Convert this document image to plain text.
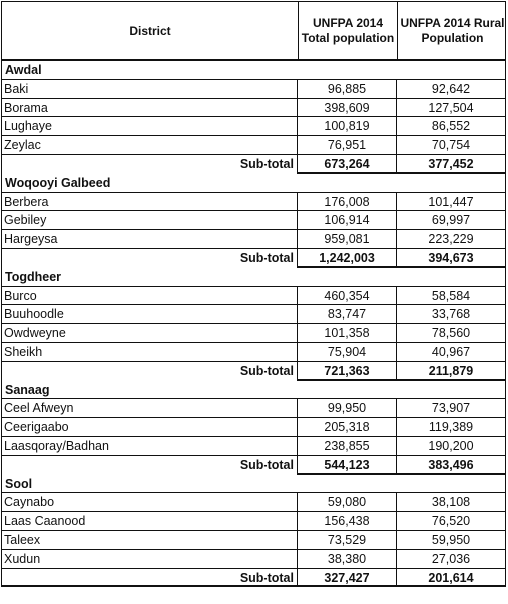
District
UNFPA 2014 Total population
UNFPA 2014 Rural Population
Awdal
Baki	96,885	92,642
Borama	398,609	127,504
Lughaye	100,819	86,552
Zeylac	76,951	70,754
Sub-total	673,264	377,452
Woqooyi Galbeed
Berbera	176,008	101,447
Gebiley	106,914	69,997
Hargeysa	959,081	223,229
Sub-total	1,242,003	394,673
Togdheer
Burco	460,354	58,584
Buuhoodle	83,747	33,768
Owdweyne	101,358	78,560
Sheikh	75,904	40,967
Sub-total	721,363	211,879
Sanaag
Ceel Afweyn	99,950	73,907
Ceerigaabo	205,318	119,389
Laasqoray/Badhan	238,855	190,200
Sub-total	544,123	383,496
Sool
Caynabo	59,080	38,108
Laas Caanood	156,438	76,520
Taleex	73,529	59,950
Xudun	38,380	27,036
Sub-total	327,427	201,614
